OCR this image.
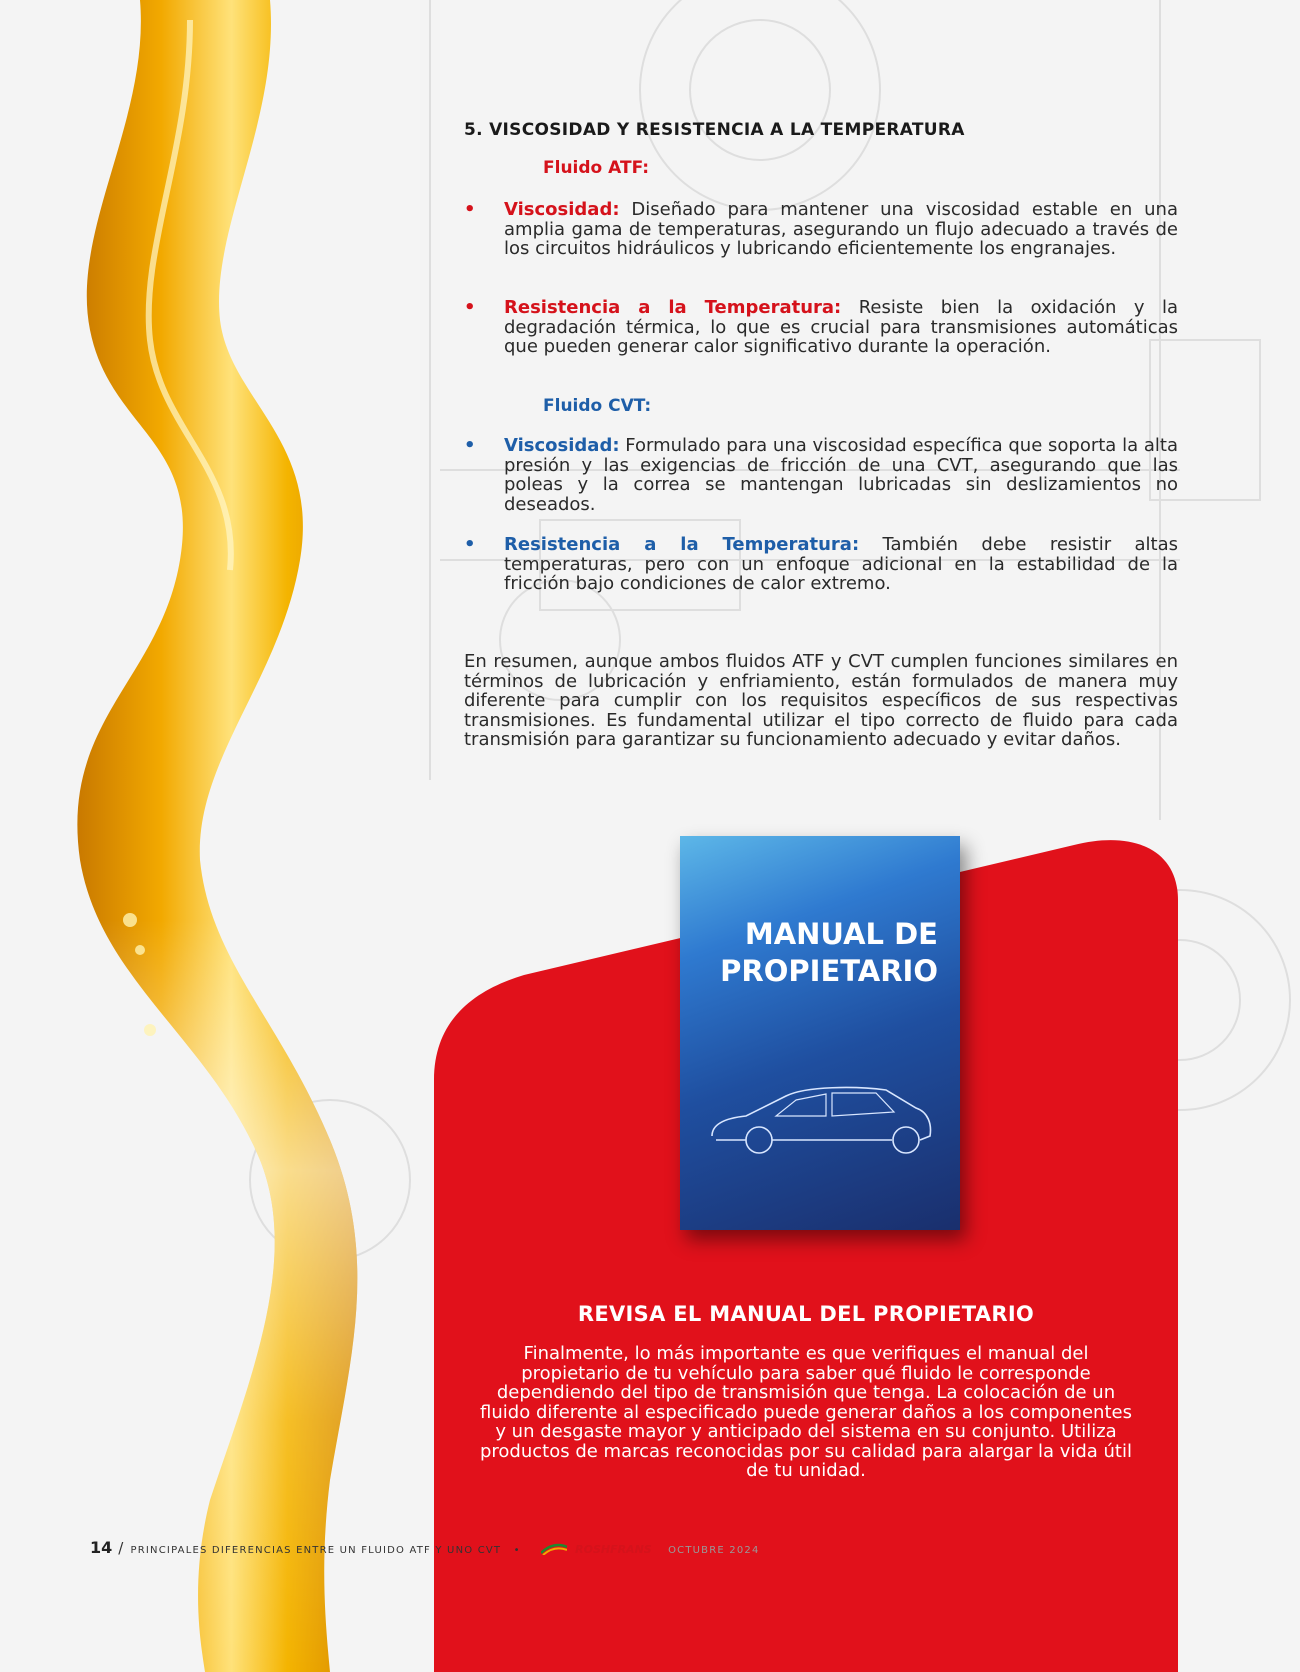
5. VISCOSIDAD Y RESISTENCIA A LA TEMPERATURA
Fluido ATF:
• Viscosidad: Diseñado para mantener una viscosidad estable en una amplia gama de temperaturas, asegurando un flujo adecuado a través de los circuitos hidráulicos y lubricando eficientemente los engranajes.
• Resistencia a la Temperatura: Resiste bien la oxidación y la degradación térmica, lo que es crucial para transmisiones automáticas que pueden generar calor significativo durante la operación.
Fluido CVT:
• Viscosidad: Formulado para una viscosidad específica que soporta la alta presión y las exigencias de fricción de una CVT, asegurando que las poleas y la correa se mantengan lubricadas sin deslizamientos no deseados.
• Resistencia a la Temperatura: También debe resistir altas temperaturas, pero con un enfoque adicional en la estabilidad de la fricción bajo condiciones de calor extremo.
En resumen, aunque ambos fluidos ATF y CVT cumplen funciones similares en términos de lubricación y enfriamiento, están formulados de manera muy diferente para cumplir con los requisitos específicos de sus respectivas transmisiones. Es fundamental utilizar el tipo correcto de fluido para cada transmisión para garantizar su funcionamiento adecuado y evitar daños.
MANUAL DE
PROPIETARIO
REVISA EL MANUAL DEL PROPIETARIO
Finalmente, lo más importante es que verifiques el manual del propietario de tu vehículo para saber qué fluido le corresponde dependiendo del tipo de transmisión que tenga. La colocación de un fluido diferente al especificado puede generar daños a los componentes y un desgaste mayor y anticipado del sistema en su conjunto. Utiliza productos de marcas reconocidas por su calidad para alargar la vida útil de tu unidad.
14 / PRINCIPALES DIFERENCIAS ENTRE UN FLUIDO ATF Y UNO CVT •	ROSHFRANS OCTUBRE 2024
